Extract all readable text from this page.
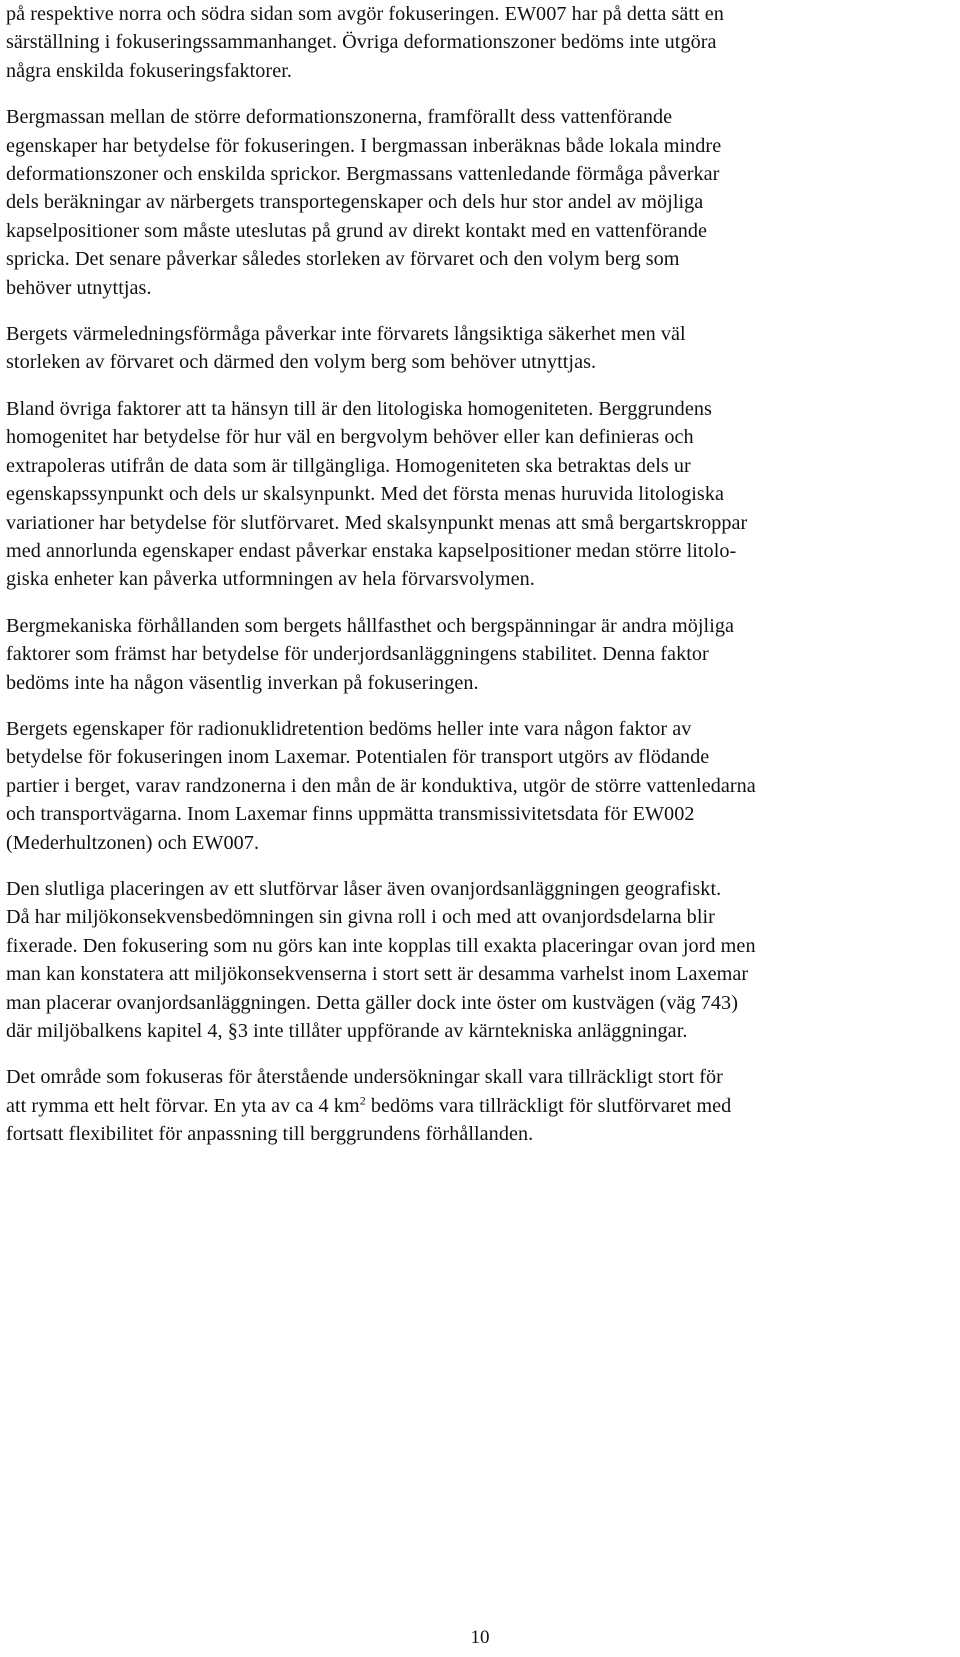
på respektive norra och södra sidan som avgör fokuseringen. EW007 har på detta sätt en
särställning i fokuseringssammanhanget. Övriga deformationszoner bedöms inte utgöra
några enskilda fokuseringsfaktorer.

Bergmassan mellan de större deformationszonerna, framförallt dess vattenförande
egenskaper har betydelse för fokuseringen. I bergmassan inberäknas både lokala mindre
deformationszoner och enskilda sprickor. Bergmassans vattenledande förmåga påverkar
dels beräkningar av närbergets transportegenskaper och dels hur stor andel av möjliga
kapselpositioner som måste uteslutas på grund av direkt kontakt med en vattenförande
spricka. Det senare påverkar således storleken av förvaret och den volym berg som
behöver utnyttjas.

Bergets värmeledningsförmåga påverkar inte förvarets långsiktiga säkerhet men väl
storleken av förvaret och därmed den volym berg som behöver utnyttjas.

Bland övriga faktorer att ta hänsyn till är den litologiska homogeniteten. Berggrundens
homogenitet har betydelse för hur väl en bergvolym behöver eller kan definieras och
extrapoleras utifrån de data som är tillgängliga. Homogeniteten ska betraktas dels ur
egenskapssynpunkt och dels ur skalsynpunkt. Med det första menas huruvida litologiska
variationer har betydelse för slutförvaret. Med skalsynpunkt menas att små bergartskroppar
med annorlunda egenskaper endast påverkar enstaka kapselpositioner medan större litolo-
giska enheter kan påverka utformningen av hela förvarsvolymen.

Bergmekaniska förhållanden som bergets hållfasthet och bergspänningar är andra möjliga
faktorer som främst har betydelse för underjordsanläggningens stabilitet. Denna faktor
bedöms inte ha någon väsentlig inverkan på fokuseringen.

Bergets egenskaper för radionuklidretention bedöms heller inte vara någon faktor av
betydelse för fokuseringen inom Laxemar. Potentialen för transport utgörs av flödande
partier i berget, varav randzonerna i den mån de är konduktiva, utgör de större vattenledarna
och transportvägarna. Inom Laxemar finns uppmätta transmissivitetsdata för EW002
(Mederhultzonen) och EW007.

Den slutliga placeringen av ett slutförvar låser även ovanjordsanläggningen geografiskt.
Då har miljökonsekvensbedömningen sin givna roll i och med att ovanjordsdelarna blir
fixerade. Den fokusering som nu görs kan inte kopplas till exakta placeringar ovan jord men
man kan konstatera att miljökonsekvenserna i stort sett är desamma varhelst inom Laxemar
man placerar ovanjordsanläggningen. Detta gäller dock inte öster om kustvägen (väg 743)
där miljöbalkens kapitel 4, §3 inte tillåter uppförande av kärntekniska anläggningar.

Det område som fokuseras för återstående undersökningar skall vara tillräckligt stort för
att rymma ett helt förvar. En yta av ca 4 $km^2$ bedöms vara tillräckligt för slutförvaret med
fortsatt flexibilitet för anpassning till berggrundens förhållanden.

10
